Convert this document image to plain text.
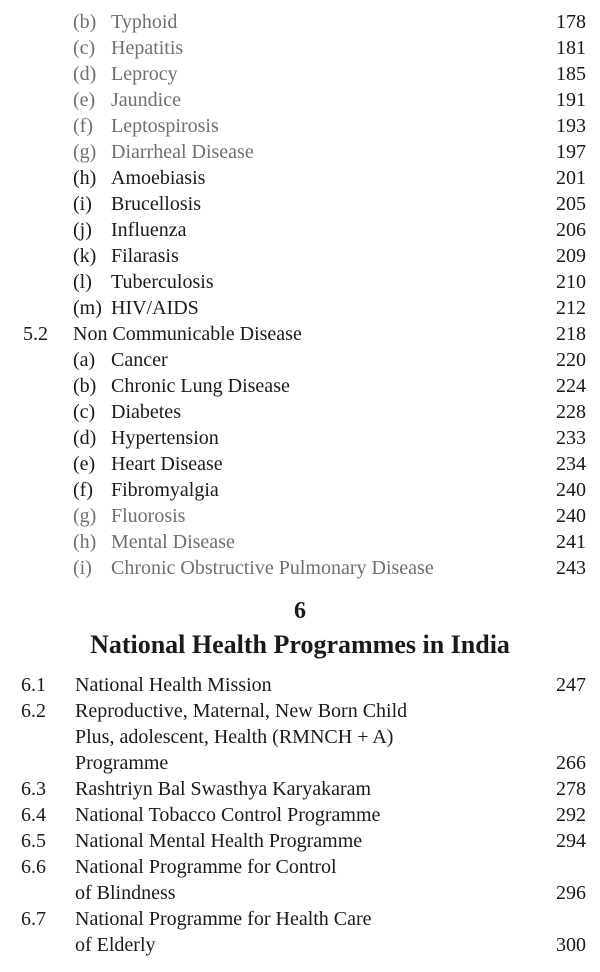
(b) Typhoid	178
(c) Hepatitis	181
(d) Leprocy	185
(e) Jaundice	191
(f) Leptospirosis	193
(g) Diarrheal Disease	197
(h) Amoebiasis	201
(i) Brucellosis	205
(j) Influenza	206
(k) Filarasis	209
(l) Tuberculosis	210
(m) HIV/AIDS	212
5.2 Non Communicable Disease	218
(a) Cancer	220
(b) Chronic Lung Disease	224
(c) Diabetes	228
(d) Hypertension	233
(e) Heart Disease	234
(f) Fibromyalgia	240
(g) Fluorosis	240
(h) Mental Disease	241
(i) Chronic Obstructive Pulmonary Disease	243
6
National Health Programmes in India
6.1 National Health Mission	247
6.2 Reproductive, Maternal, New Born Child
Plus, adolescent, Health (RMNCH + A)
Programme	266
6.3 Rashtriyn Bal Swasthya Karyakaram	278
6.4 National Tobacco Control Programme	292
6.5 National Mental Health Programme	294
6.6 National Programme for Control
of Blindness	296
6.7 National Programme for Health Care
of Elderly	300
